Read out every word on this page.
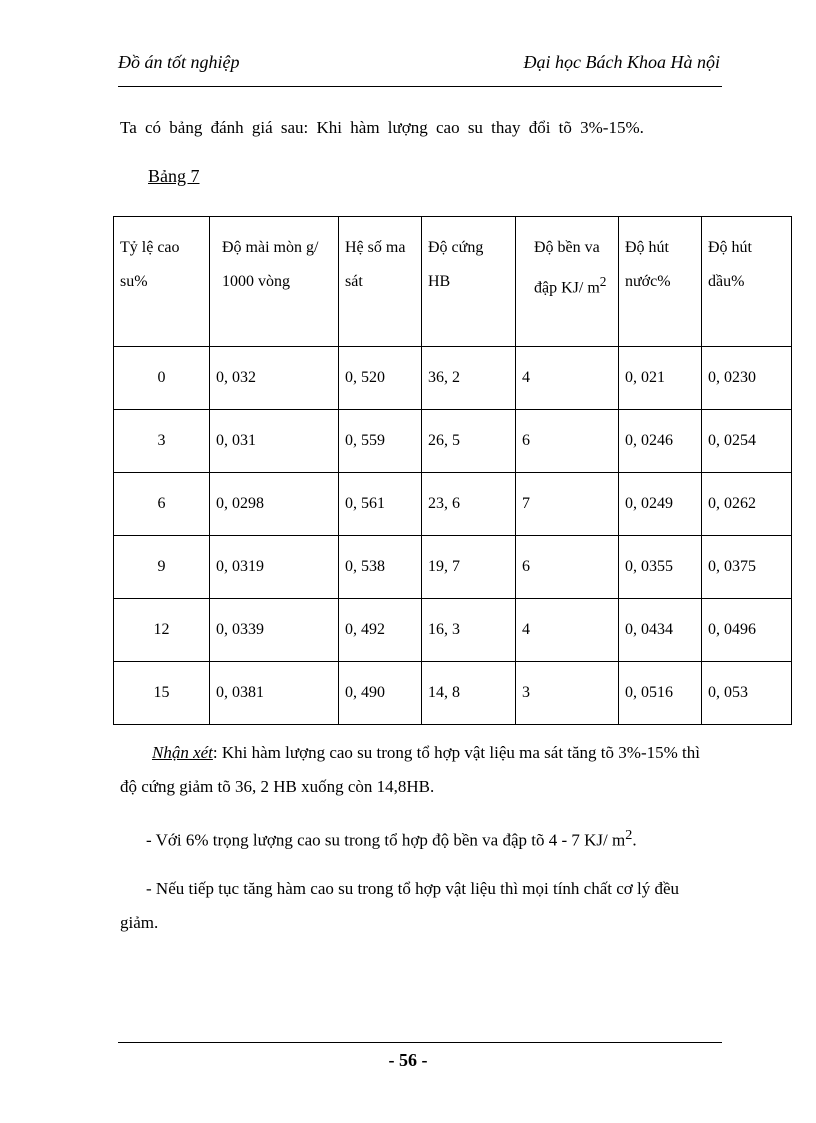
Đồ án tốt nghiệp	Đại học Bách Khoa Hà nội
Ta có bảng đánh giá sau: Khi hàm lượng cao su thay đổi tõ 3%-15%.
Bảng 7
Tỷ lệ cao su%	Độ mài mòn g/ 1000 vòng	Hệ số ma sát	Độ cứng HB	Độ bền va đập KJ/ $m^2$	Độ hút nước%	Độ hút dầu%
0	0, 032	0, 520	36, 2	4	0, 021	0, 0230
3	0, 031	0, 559	26, 5	6	0, 0246	0, 0254
6	0, 0298	0, 561	23, 6	7	0, 0249	0, 0262
9	0, 0319	0, 538	19, 7	6	0, 0355	0, 0375
12	0, 0339	0, 492	16, 3	4	0, 0434	0, 0496
15	0, 0381	0, 490	14, 8	3	0, 0516	0, 053

Nhận xét: Khi hàm lượng cao su trong tổ hợp vật liệu ma sát tăng tõ 3%-15% thì độ cứng giảm tõ 36, 2 HB xuống còn 14,8HB.

- Với 6% trọng lượng cao su trong tổ hợp độ bền va đập tõ 4 - 7 KJ/ $m^2$.

- Nếu tiếp tục tăng hàm cao su trong tổ hợp vật liệu thì mọi tính chất cơ lý đều giảm.

- 56 -
